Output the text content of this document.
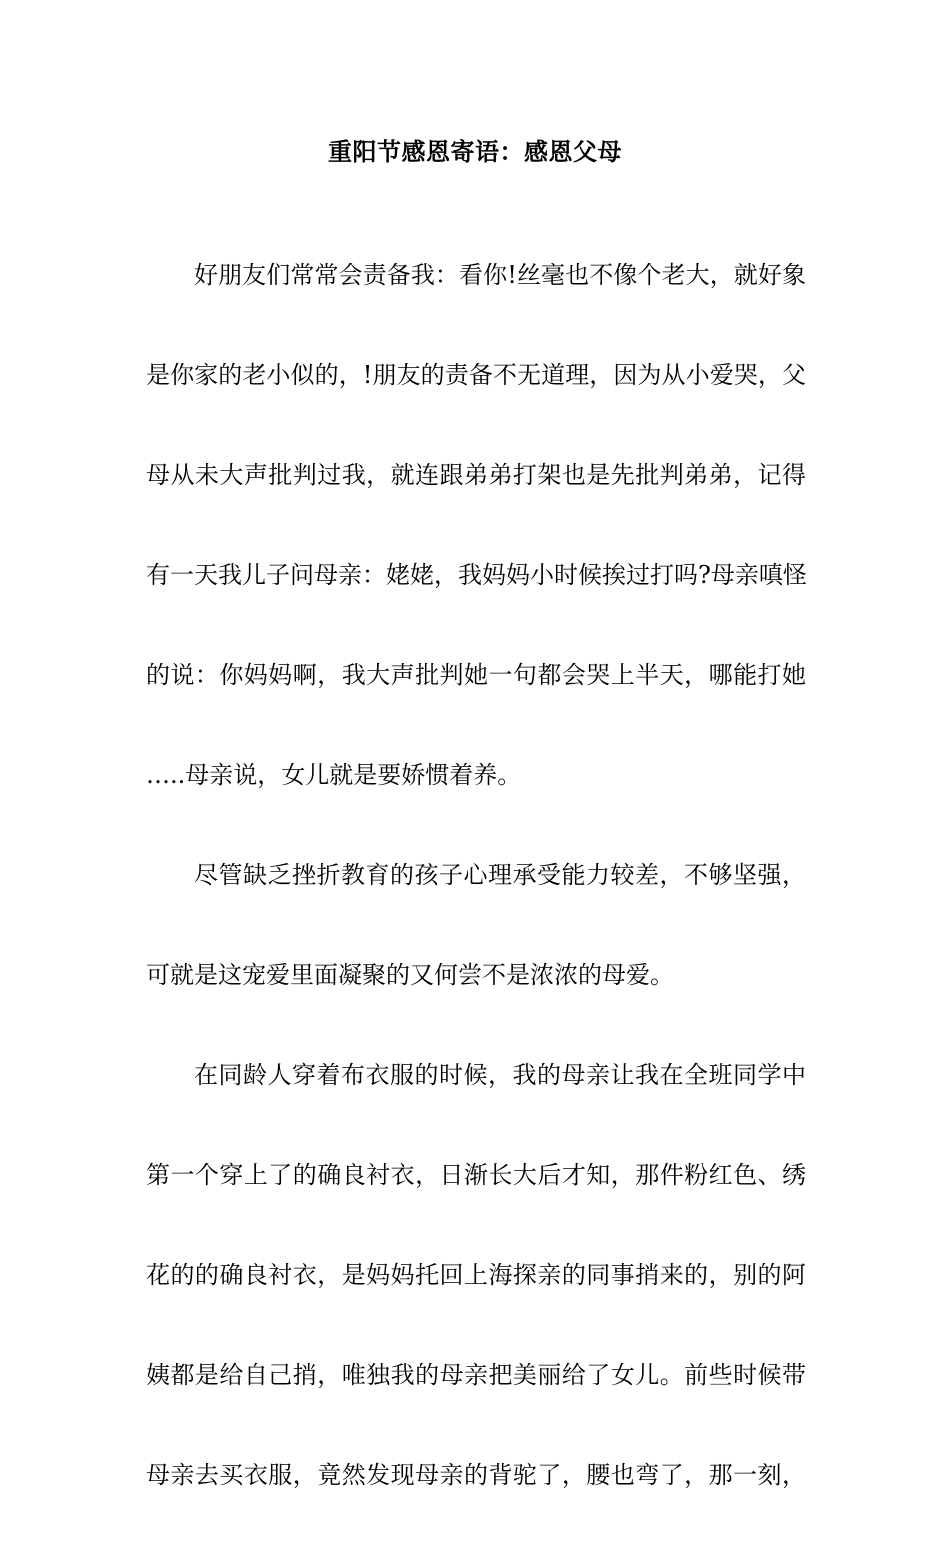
重阳节感恩寄语：感恩父母

好朋友们常常会责备我：看你!丝毫也不像个老大，就好象
是你家的老小似的，!朋友的责备不无道理，因为从小爱哭，父
母从未大声批判过我，就连跟弟弟打架也是先批判弟弟，记得
有一天我儿子问母亲：姥姥，我妈妈小时候挨过打吗?母亲嗔怪
的说：你妈妈啊，我大声批判她一句都会哭上半天，哪能打她
…..母亲说，女儿就是要娇惯着养。

尽管缺乏挫折教育的孩子心理承受能力较差，不够坚强，
可就是这宠爱里面凝聚的又何尝不是浓浓的母爱。

在同龄人穿着布衣服的时候，我的母亲让我在全班同学中
第一个穿上了的确良衬衣，日渐长大后才知，那件粉红色、绣
花的的确良衬衣，是妈妈托回上海探亲的同事捎来的，别的阿
姨都是给自己捎，唯独我的母亲把美丽给了女儿。前些时候带
母亲去买衣服，竟然发现母亲的背驼了，腰也弯了，那一刻，
